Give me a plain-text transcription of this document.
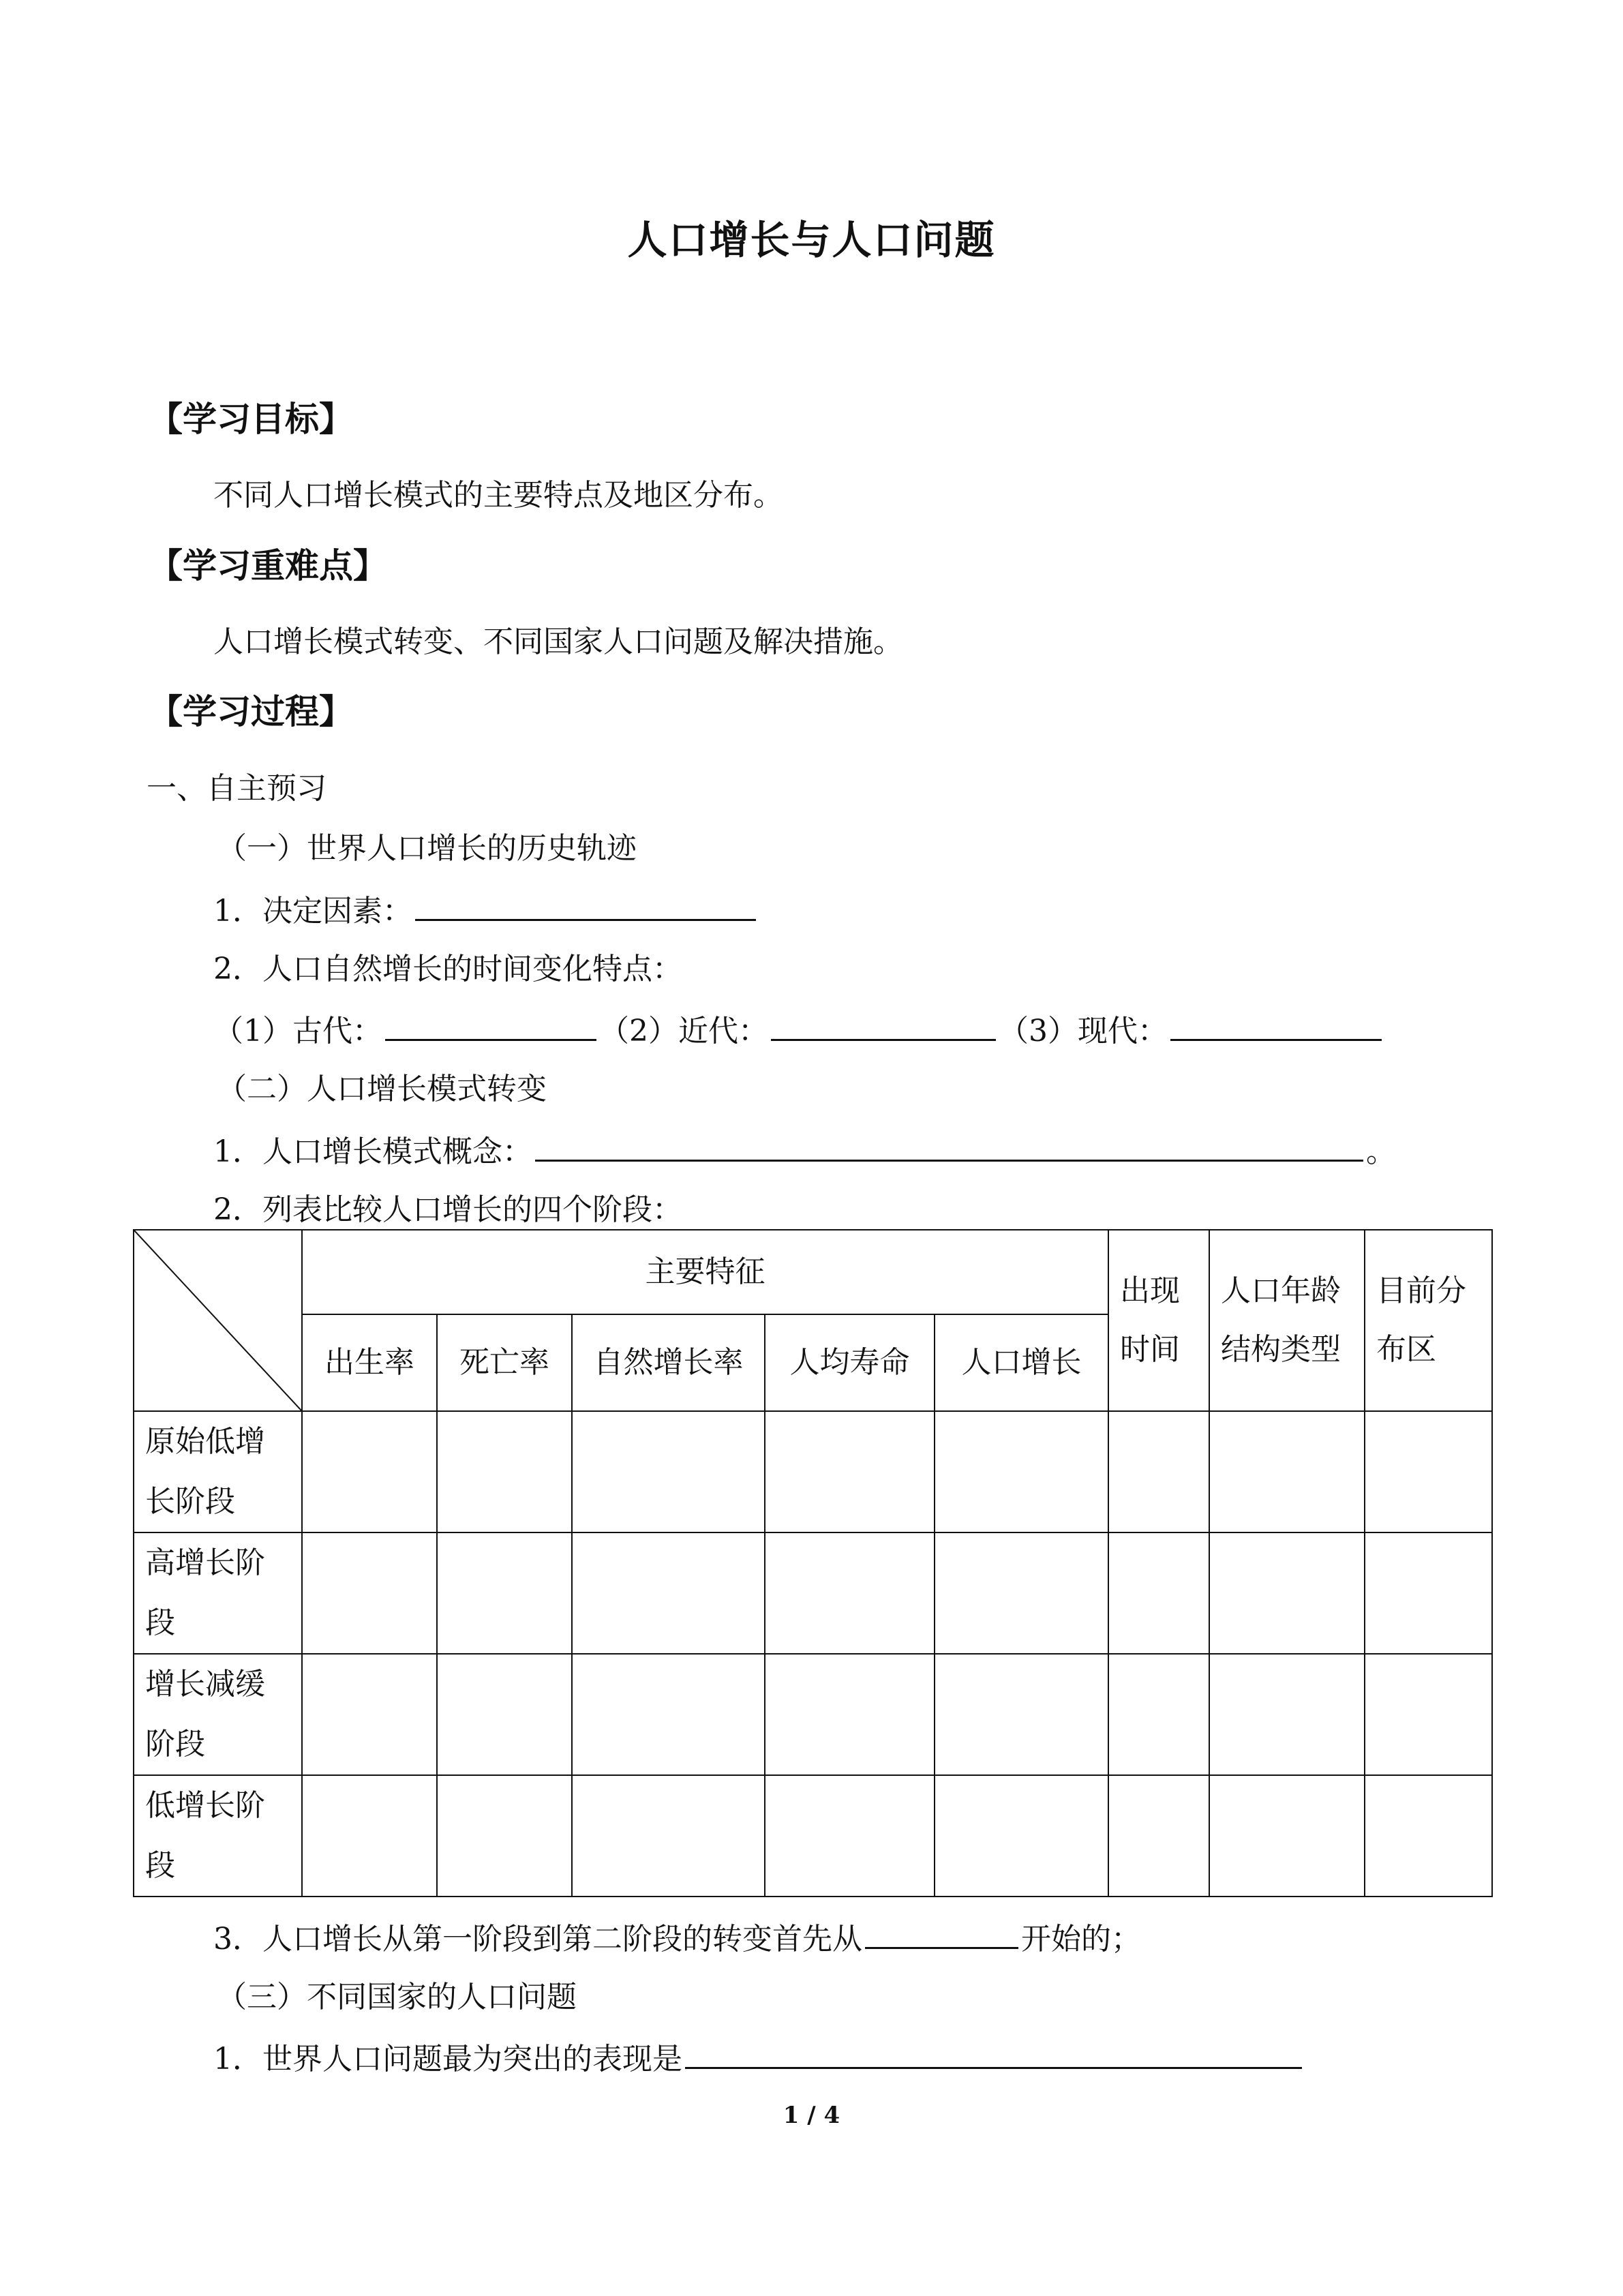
人口增长与人口问题
【学习目标】
不同人口增长模式的主要特点及地区分布。
【学习重难点】
人口增长模式转变、不同国家人口问题及解决措施。
【学习过程】
一、自主预习
（一）世界人口增长的历史轨迹
1．决定因素：
2．人口自然增长的时间变化特点：
（1）古代：	（2）近代：	（3）现代：
（二）人口增长模式转变
1．人口增长模式概念：	。
2．列表比较人口增长的四个阶段：
	主要特征					出现时间	人口年龄结构类型	目前分布区
	出生率	死亡率	自然增长率	人均寿命	人口增长			
原始低增长阶段								
高增长阶段								
增长减缓阶段								
低增长阶段								
3．人口增长从第一阶段到第二阶段的转变首先从	开始的；
（三）不同国家的人口问题
1．世界人口问题最为突出的表现是
1 / 4
